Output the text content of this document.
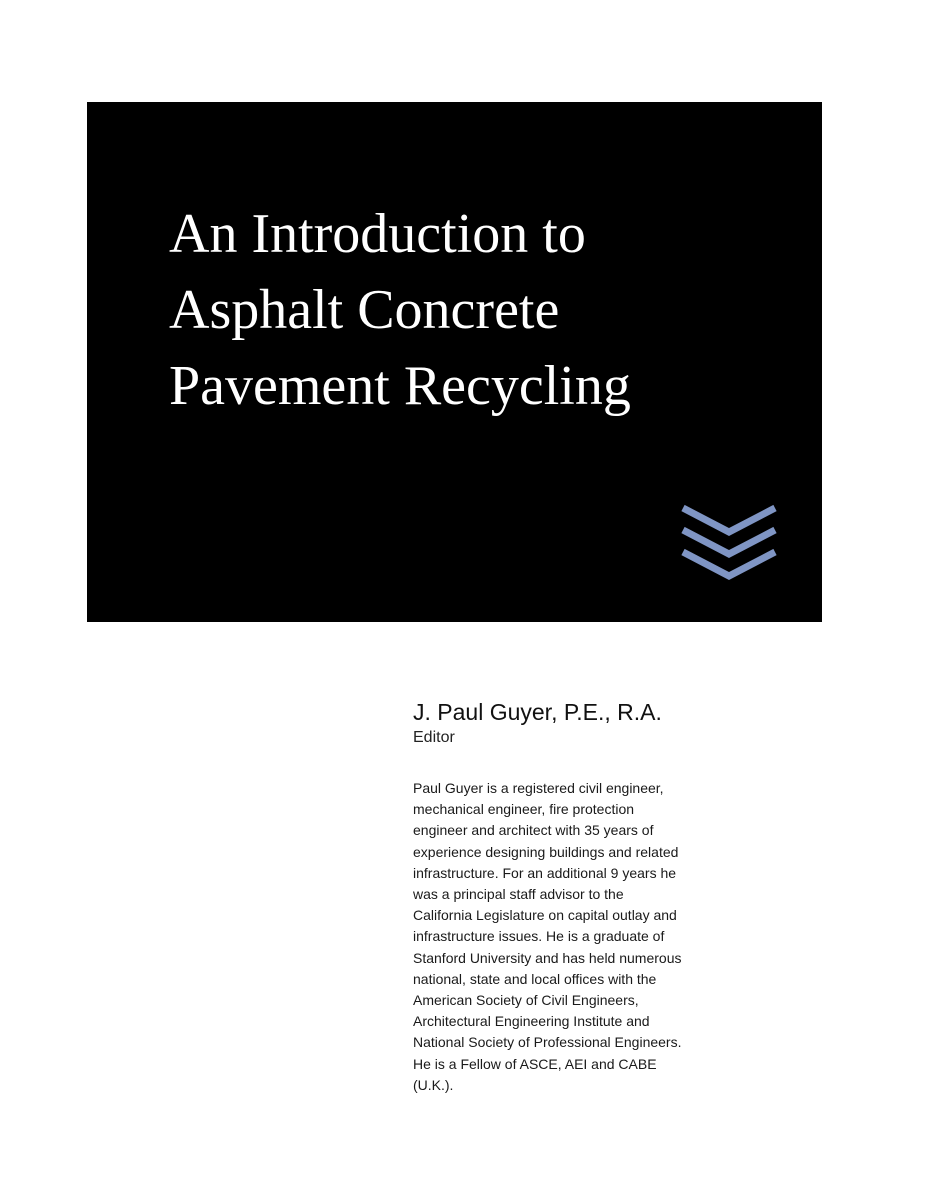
An Introduction to
Asphalt Concrete
Pavement Recycling
J. Paul Guyer, P.E., R.A.
Editor
Paul Guyer is a registered civil engineer,
mechanical engineer, fire protection
engineer and architect with 35 years of
experience designing buildings and related
infrastructure. For an additional 9 years he
was a principal staff advisor to the
California Legislature on capital outlay and
infrastructure issues. He is a graduate of
Stanford University and has held numerous
national, state and local offices with the
American Society of Civil Engineers,
Architectural Engineering Institute and
National Society of Professional Engineers.
He is a Fellow of ASCE, AEI and CABE
(U.K.).
